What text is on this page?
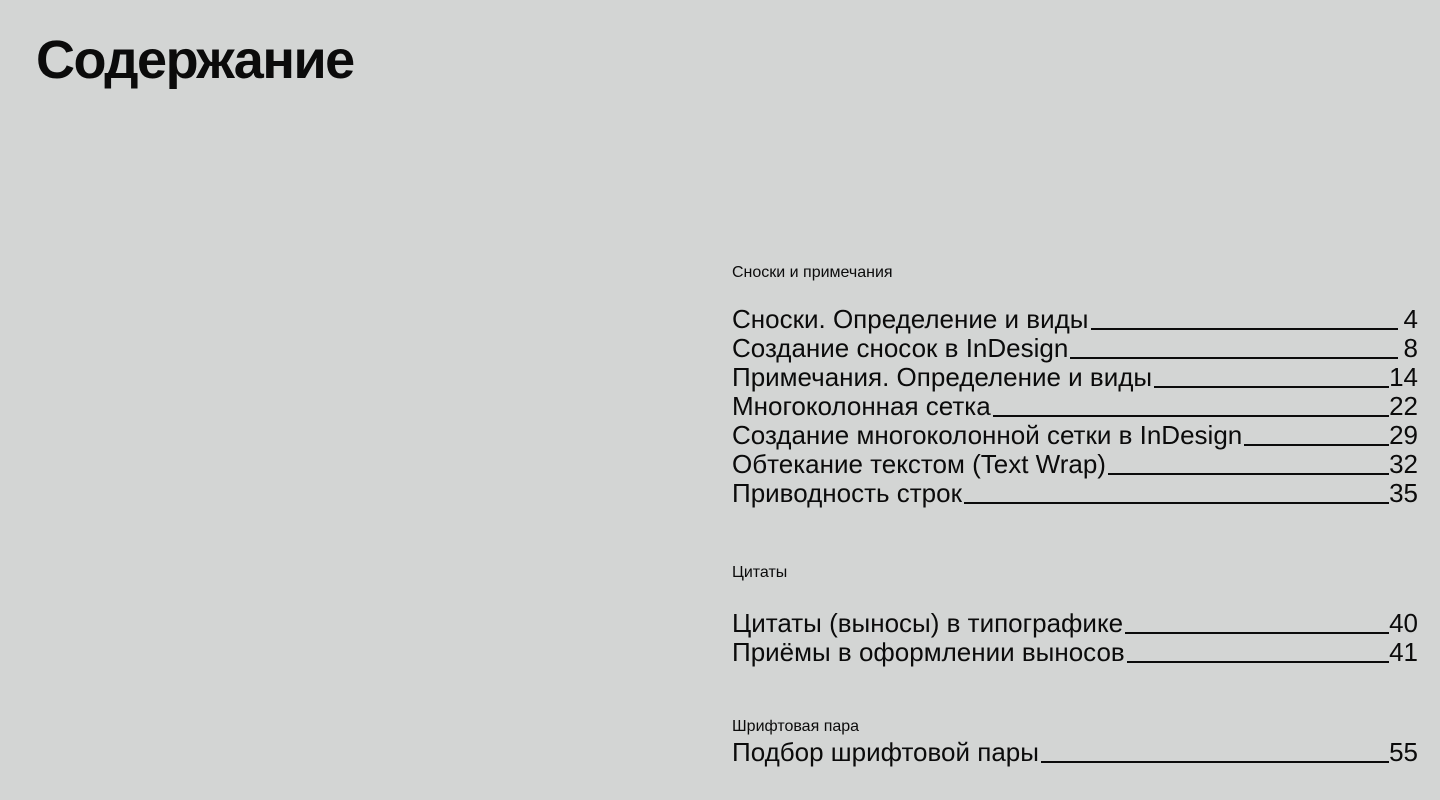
Содержание
Сноски и примечания
Сноски. Определение и виды	4
Создание сносок в InDesign	8
Примечания. Определение и виды	14
Многоколонная сетка	22
Создание многоколонной сетки в InDesign	29
Обтекание текстом (Text Wrap)	32
Приводность строк	35
Цитаты
Цитаты (выносы) в типографике	40
Приёмы в оформлении выносов	41
Шрифтовая пара
Подбор шрифтовой пары	55
